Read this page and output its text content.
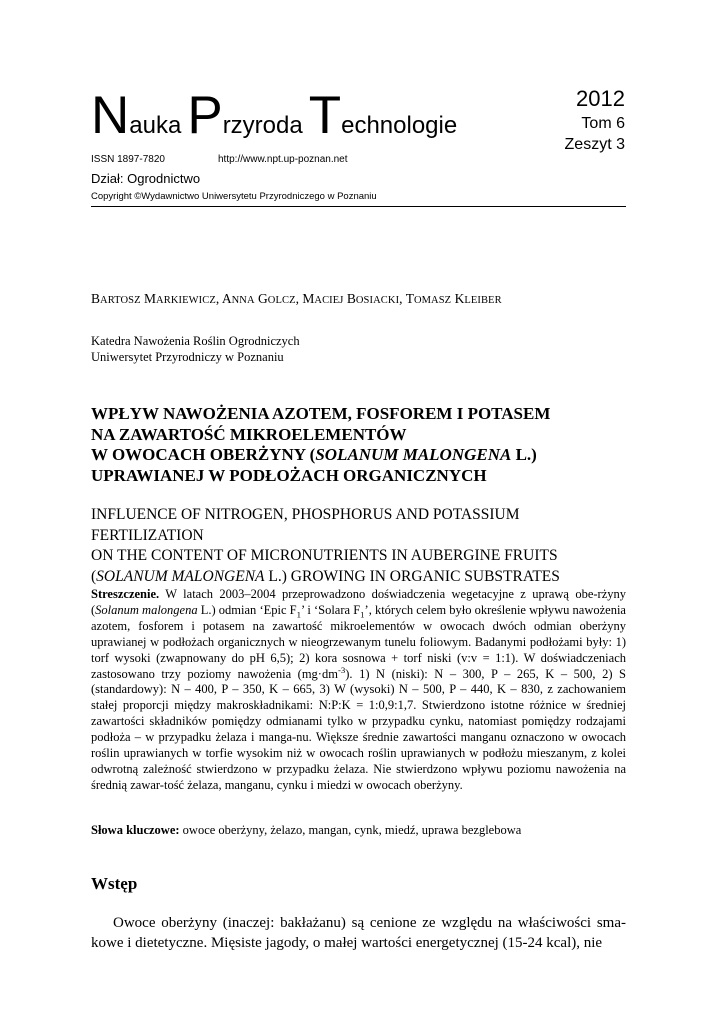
Nauka Przyroda Technologie
2012
Tom 6
Zeszyt 3
ISSN 1897-7820	http://www.npt.up-poznan.net
Dział: Ogrodnictwo
Copyright ©Wydawnictwo Uniwersytetu Przyrodniczego w Poznaniu
BARTOSZ MARKIEWICZ, ANNA GOLCZ, MACIEJ BOSIACKI, TOMASZ KLEIBER
Katedra Nawożenia Roślin Ogrodniczych
Uniwersytet Przyrodniczy w Poznaniu
WPŁYW NAWOŻENIA AZOTEM, FOSFOREM I POTASEM
NA ZAWARTOŚĆ MIKROELEMENTÓW
W OWOCACH OBERŻYNY (SOLANUM MALONGENA L.)
UPRAWIANEJ W PODŁOŻACH ORGANICZNYCH
INFLUENCE OF NITROGEN, PHOSPHORUS AND POTASSIUM FERTILIZATION
ON THE CONTENT OF MICRONUTRIENTS IN AUBERGINE FRUITS
(SOLANUM MALONGENA L.) GROWING IN ORGANIC SUBSTRATES
Streszczenie. W latach 2003–2004 przeprowadzono doświadczenia wegetacyjne z uprawą obe-rżyny (Solanum malongena L.) odmian ‘Epic $F_1$’ i ‘Solara $F_1$’, których celem było określenie wpływu nawożenia azotem, fosforem i potasem na zawartość mikroelementów w owocach dwóch odmian oberżyny uprawianej w podłożach organicznych w nieogrzewanym tunelu foliowym. Badanymi podłożami były: 1) torf wysoki (zwapnowany do pH 6,5); 2) kora sosnowa + torf niski (v:v = 1:1). W doświadczeniach zastosowano trzy poziomy nawożenia $(mg\cdot dm^{-3})$. 1) N (niski): N – 300, P – 265, K – 500, 2) S (standardowy): N – 400, P – 350, K – 665, 3) W (wysoki) N – 500, P – 440, K – 830, z zachowaniem stałej proporcji między makroskładnikami: N:P:K = 1:0,9:1,7. Stwierdzono istotne różnice w średniej zawartości składników pomiędzy odmianami tylko w przypadku cynku, natomiast pomiędzy rodzajami podłoża – w przypadku żelaza i manga-nu. Większe średnie zawartości manganu oznaczono w owocach roślin uprawianych w torfie wysokim niż w owocach roślin uprawianych w podłożu mieszanym, z kolei odwrotną zależność stwierdzono w przypadku żelaza. Nie stwierdzono wpływu poziomu nawożenia na średnią zawar-tość żelaza, manganu, cynku i miedzi w owocach oberżyny.
Słowa kluczowe: owoce oberżyny, żelazo, mangan, cynk, miedź, uprawa bezglebowa
Wstęp
Owoce oberżyny (inaczej: bakłażanu) są cenione ze względu na właściwości sma-kowe i dietetyczne. Mięsiste jagody, o małej wartości energetycznej (15-24 kcal), nie
